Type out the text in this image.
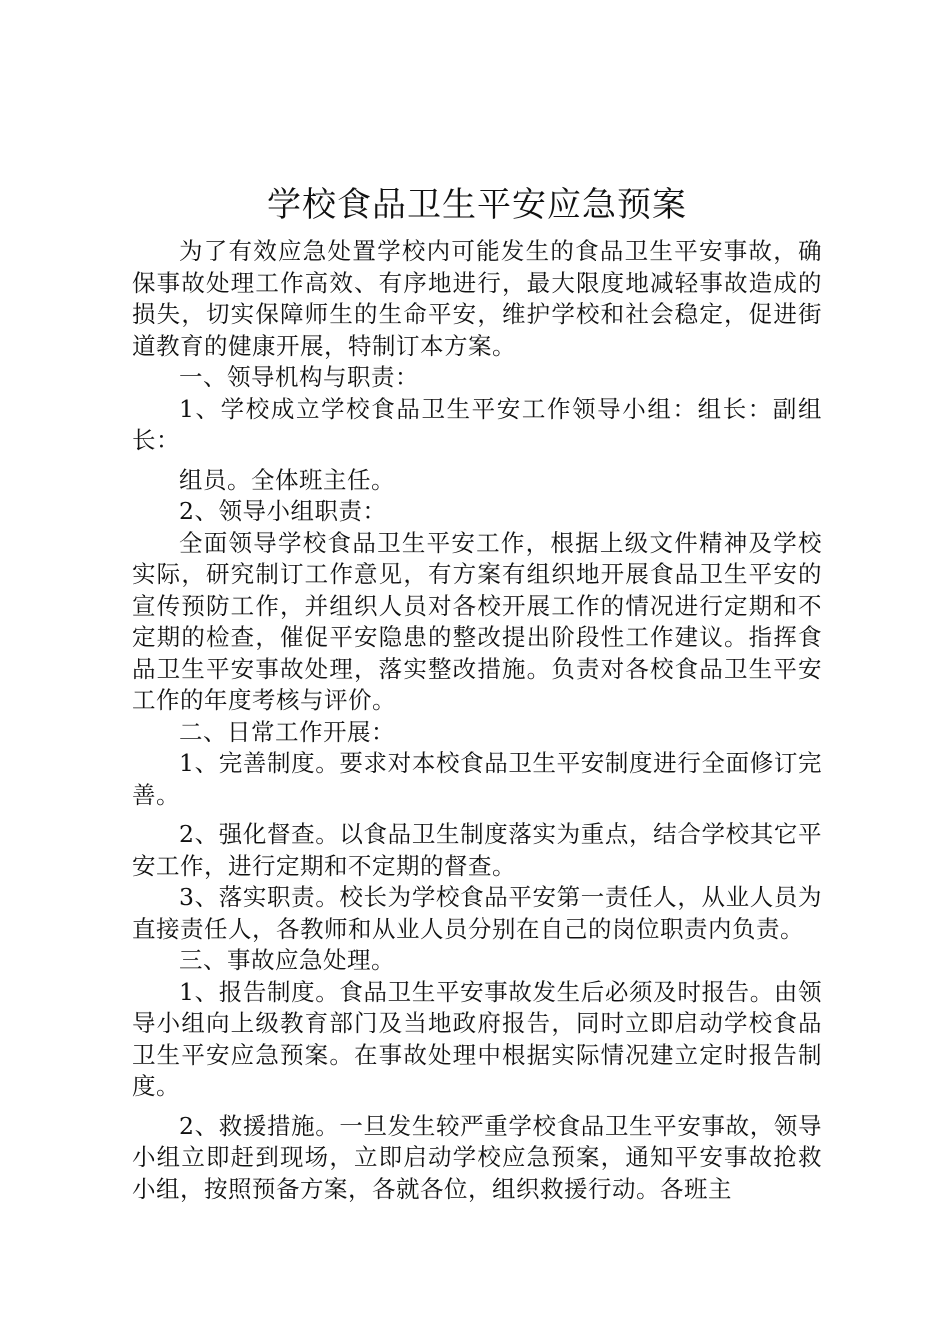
学校食品卫生平安应急预案

为了有效应急处置学校内可能发生的食品卫生平安事故，确保事故处理工作高效、有序地进行，最大限度地减轻事故造成的损失，切实保障师生的生命平安，维护学校和社会稳定，促进街道教育的健康开展，特制订本方案。

一、领导机构与职责：

1、学校成立学校食品卫生平安工作领导小组：组长：副组长：

组员。全体班主任。

2、领导小组职责：

全面领导学校食品卫生平安工作，根据上级文件精神及学校实际，研究制订工作意见，有方案有组织地开展食品卫生平安的宣传预防工作，并组织人员对各校开展工作的情况进行定期和不定期的检查，催促平安隐患的整改提出阶段性工作建议。指挥食品卫生平安事故处理，落实整改措施。负责对各校食品卫生平安工作的年度考核与评价。

二、日常工作开展：

1、完善制度。要求对本校食品卫生平安制度进行全面修订完善。

2、强化督查。以食品卫生制度落实为重点，结合学校其它平安工作，进行定期和不定期的督查。

3、落实职责。校长为学校食品平安第一责任人，从业人员为直接责任人，各教师和从业人员分别在自己的岗位职责内负责。

三、事故应急处理。

1、报告制度。食品卫生平安事故发生后必须及时报告。由领导小组向上级教育部门及当地政府报告，同时立即启动学校食品卫生平安应急预案。在事故处理中根据实际情况建立定时报告制度。

2、救援措施。一旦发生较严重学校食品卫生平安事故，领导小组立即赶到现场，立即启动学校应急预案，通知平安事故抢救小组，按照预备方案，各就各位，组织救援行动。各班主
